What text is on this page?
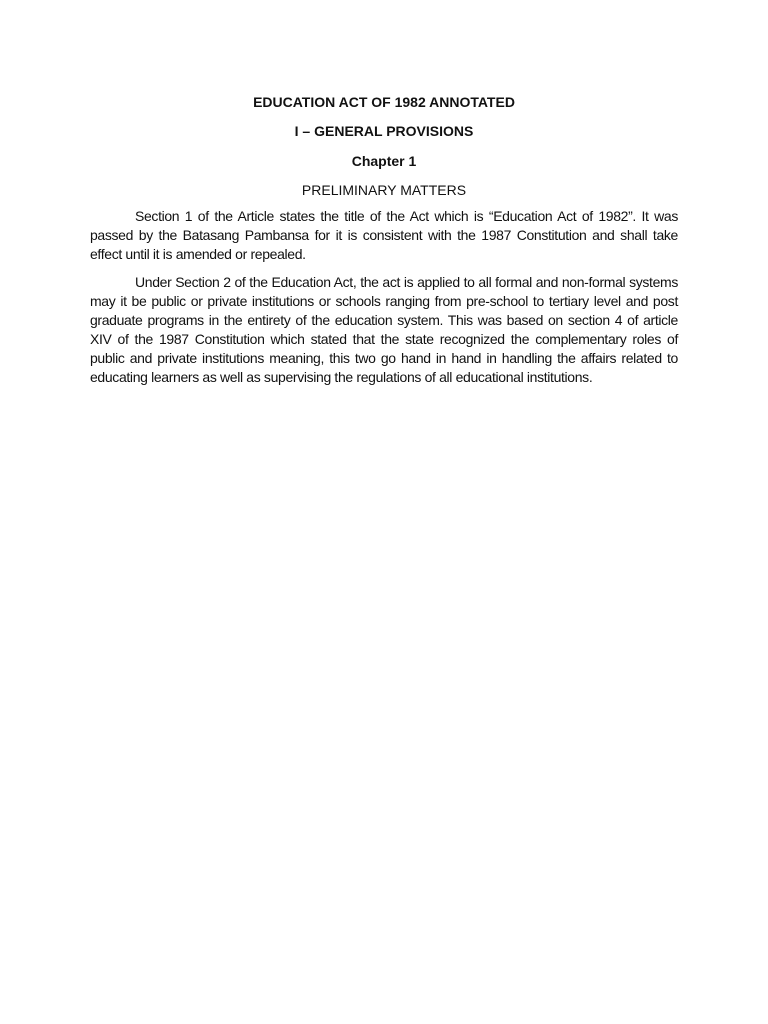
EDUCATION ACT OF 1982 ANNOTATED
I – GENERAL PROVISIONS
Chapter 1
PRELIMINARY MATTERS

Section 1 of the Article states the title of the Act which is “Education Act of 1982”. It was passed by the Batasang Pambansa for it is consistent with the 1987 Constitution and shall take effect until it is amended or repealed.

Under Section 2 of the Education Act, the act is applied to all formal and non-formal systems may it be public or private institutions or schools ranging from pre-school to tertiary level and post graduate programs in the entirety of the education system. This was based on section 4 of article XIV of the 1987 Constitution which stated that the state recognized the complementary roles of public and private institutions meaning, this two go hand in hand in handling the affairs related to educating learners as well as supervising the regulations of all educational institutions.
